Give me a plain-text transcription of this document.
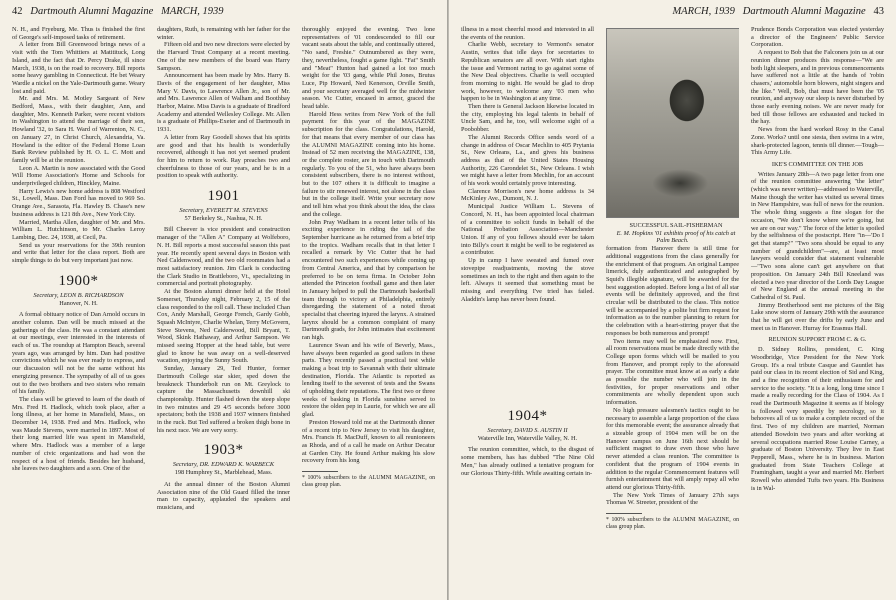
42 Dartmouth Alumni Magazine MARCH, 1939

N. H., and Fryeburg, Me. Thus is finished the first of George's self-imposed tasks of retirement.

A letter from Bill Greenwood brings news of a visit with the Tom Whittiers at Matitituck, Long Island, and the fact that Dr. Percy Drake, ill since March, 1938, is on the road to recovery. Bill reports some heavy gambling in Connecticut. He bet Weary Wardle a nickel on the Yale-Dartmouth game. Weary lost and paid.

Mr. and Mrs. M. Motley Sargeant of New Bedford, Mass., with their daughter, Ann, and daughter, Mrs. Kenneth Parker, were recent visitors in Washington to attend the marriage of their son, Howland '32, to Sara H. Ward of Warrenton, N. C., on January 27, in Christ Church, Alexandria, Va. Howland is the editor of the Federal Home Loan Bank Review published by H. O. L. C. Mott and family will be at the reunion.

Leon A. Martin is now associated with the Good Will Home Association's Home and Schools for underprivileged children, Hinckley, Maine.

Harry Lewis's new home address is 808 Westford St., Lowell, Mass. Dan Ford has moved to 969 So. Orange Ave., Sarasota, Fla. Hawley B. Chase's new business address is 121 8th Ave., New York City.

Married, Martha Allen, daughter of Mr. and Mrs. William L. Hutchinson, to Mr. Charles Leroy Lambing, Dec. 24, 1938, at Cecil, Pa.

Send us your reservations for the 39th reunion and write that letter for the class report. Both are simple things to do but very important just now.

1900*

Secretary, LEON B. RICHARDSON

Hanover, N. H.

A formal obituary notice of Dan Arnold occurs in another column. Dan will be much missed at the gatherings of the class. He was a constant attendant at our meetings, ever interested in the interests of each of us. The roundup at Hampton Beach, several years ago, was arranged by him. Dan had positive convictions which he was ever ready to express, and our discussion will not be the same without his energizing presence. The sympathy of all of us goes out to the two brothers and two sisters who remain of his family.

The class will be grieved to learn of the death of Mrs. Fred H. Hadlock, which took place, after a long illness, at her home in Mansfield, Mass., on December 14, 1938. Fred and Mrs. Hadlock, who was Maude Stevens, were married in 1897. Most of their long married life was spent in Mansfield, where Mrs. Hadlock was a member of a large number of civic organizations and had won the respect of a host of friends. Besides her husband, she leaves two daughters and a son. One of the

daughters, Ruth, is remaining with her father for the winter.

Fifteen old and two new directors were elected by the Harvard Trust Company at a recent meeting. One of the new members of the board was Harry Sampson.

Announcement has been made by Mrs. Harry B. Davis of the engagement of her daughter, Miss Mary V. Davis, to Lawrence Allen Jr., son of Mr. and Mrs. Lawrence Allen of Walham and Boothbay Harbor, Maine. Miss Davis is a graduate of Bradford Academy and attended Wellesley College. Mr. Allen is a graduate of Phillips-Exeter and of Dartmouth in 1931.

A letter from Ray Goodell shows that his spirits are good and that his health is wonderfully recovered, although it has not yet seemed prudent for him to return to work. Ray preaches two and cheerfulness to those of our years, and he is in a position to speak with authority.

1901

Secretary, EVERETT M. STEVENS

57 Berkeley St., Nashua, N. H.

Bill Cheever is vice president and construction manager of the "Allen A" Company at Wolfeboro, N. H. Bill reports a most successful season this past year. He recently spent several days in Boston with Ned Caldenwood, and the two old roommates had a most satisfactory reunion. Jim Clark is conducting the Clark Studio in Brattleboro, Vt., specializing in commercial and portrait photography.

At the Boston alumni dinner held at the Hotel Somerset, Thursday night, February 2, 15 of the class responded to the roll call. These included Chan Cox, Andy Marshall, George French, Gardy Gobb, Squash McIntyre, Charlie Whelan, Terry McGovern, Steve Stevens, Ned Calderwood, Bill Bryant, T. Wood, Skink Hathaway, and Arthur Sampson. We missed seeing Hopper at the head table, but were glad to know he was away on a well-deserved vacation, enjoying the Sunny South.

Sunday, January 29, Ted Hunter, former Dartmouth College star skier, sped down the breakneck Thunderbolt run on Mt. Greylock to capture the Massachusetts downhill ski championship. Hunter flashed down the steep slope in two minutes and 29 4/5 seconds before 3000 spectators; both the 1938 and 1937 winners finished in the ruck. But Ted suffered a broken thigh bone in his next race. We are very sorry.

1903*

Secretary, DR. EDWARD K. WARBECK

198 Humphrey St., Marblehead, Mass.

At the annual dinner of the Boston Alumni Association nine of the Old Guard filled the inner man to capacity, applauded the speakers and musicians, and

thoroughly enjoyed the evening. Two lone representatives of '01 condescended to fill our vacant seats about the table, and continually uttered, "No sand, Freshie." Outnumbered as they were, they, nevertheless, fought a game fight. "Fat" Smith and "Meat" Hunton had gained a lot too much weight for the '03 gang, while Phil Jones, Brutus Luce, Pip Howard, Ned Kenerson, Orville Smith, and your secretary averaged well for the midwinter season. Vic Cutter, encased in armor, graced the head table.

Harold Hess writes from New York of the full payment for this year of the MAGAZINE subscription for the class. Congratulations, Harold, for that means that every member of our class has the ALUMNI MAGAZINE coming into his home. Instead of 52 men receiving the MAGAZINE, 138, or the complete roster, are in touch with Dartmouth regularly. To you of the 51, who have always been consistent subscribers, there is no interest without, but to the 107 others it is difficult to imagine a failure to stir renewed interest, not alone in the class but in the college itself. Write your secretary now and tell him what you think about the idea, the class and the college.

John Pray Wadham in a recent letter tells of his exciting experience in riding the tail of the September hurricane as he returned from a brief trip to the tropics. Wadham recalls that in that letter I recalled a remark by Vic Cutter that he had encountered two such experiences while coming up from Central America, and that by comparison he preferred to be on terra firma. In October John attended the Princeton football game and then later in January helped to pull the Dartmouth basketball team through to victory at Philadelphia, entirely disregarding the statement of a noted throat specialist that cheering injured the larynx. A strained larynx should be a common complaint of many Dartmouth grads, for John intimates that excitement ran high.

Laurence Swan and his wife of Beverly, Mass., have always been regarded as good sailors in these parts. They recently passed a practical test while making a boat trip to Savannah with their ultimate destination, Florida. The Atlantic is reported as lending itself to the severest of tests and the Swans of upholding their reputations. The first two or three weeks of basking in Florida sunshine served to restore the olden pep in Laurie, for which we are all glad.

Preston Howard told me at the Dartmouth dinner of a recent trip to New Jersey to visit his daughter, Mrs. Francis H. MacDuff, known to all reunioneers as Rhoda, and of a call he made on Arthur Decatur at Garden City. He found Arthur making his slow recovery from his long

* 100% subscribers to the ALUMNI MAGAZINE, on class group plan.

MARCH, 1939 Dartmouth Alumni Magazine 43

illness in a most cheerful mood and interested in all the events of the reunion.

Charlie Webb, secretary to Vermont's senator Austin, writes that idle days for secretaries to Republican senators are all over. With start rights the issue and Vermont raring to go against some of the New Deal objectives. Charlie is well occupied from morning to night. He would be glad to drop work, however, to welcome any '03 men who happen to be in Washington at any time.

Then there is General Jackson likewise located in the city, employing his legal talents in behalf of Uncle Sam, and he, too, will welcome sight of a Poobobber.

The Alumni Records Office sends word of a change in address of Oscar Mechlin to 405 Prytania St., New Orleans, La., and gives his business address as that of the United States Housing Authority, 226 Carondelet St., New Orleans. I wish we might have a letter from Mechlin, for an account of his work would certainly prove interesting.

Clarence Morrison's new home address is 34 McKinley Ave., Dumont, N. J.

Municipal Justice William L. Stevens of Concord, N. H., has been appointed local chairman of a committee to solicit funds in behalf of the National Probation Association—Manchester Union. If any of you fellows should ever be taken into Billy's court it might be well to be registered as a contributor.

Up in camp I have sweated and fumed over stovepipe readjustments, moving the stove sometimes an inch to the right and then again to the left. Always it seemed that something must be missing and everything I've tried has failed. Aladdin's lamp has never been found.

SUCCESSFUL SAIL-FISHERMAN

E. M. Hopkins '01 exhibits proof of his catch at Palm Beach.

formation from Hanover there is still time for additional suggestions from the class generally for the enrichment of that program. An original Lampee limerick, duly authenticated and autographed by Squid's illegible signature, will be awarded for the best suggestion adopted. Before long a list of all star events will be definitely approved, and the first circular will be distributed to the class. This notice will be accompanied by a polite but firm request for information as to the number planning to return for the celebration with a heart-stirring prayer that the responses be both numerous and prompt!

Two items may well be emphasized now. First, all room reservations must be made directly with the College upon forms which will be mailed to you from Hanover, and prompt reply to the aforesaid prayer. The committee must know at as early a date as possible the number who will join in the festivities, for proper reservations and other commitments are wholly dependent upon such information.

No high pressure salesmen's tactics ought to be necessary to assemble a large proportion of the class for this memorable event; the assurance already that a sizeable group of 1904 men will be on the Hanover campus on June 16th next should be sufficient magnet to draw even those who have never attended a class reunion. The committee is confident that the program of 1904 events in addition to the regular Commencement features will furnish entertainment that will amply repay all who attend our glorious Thirty-fifth.

The New York Times of January 27th says Thomas W. Streeter, president of the

* 100% subscribers to the ALUMNI MAGAZINE, on class group plan.

Prudence Bonds Corporation was elected yesterday a director of the Engineers' Public Service Corporation.

A request to Bob that the Falconers join us at our reunion dinner produces this response—"We are both light sleepers, and in previous commencements have suffered not a little at the hands of 'robin chasers,' automobile horn blowers, night singers and the like." Well, Bob, that must have been the '05 reunion, and anyway our sleep is never disturbed by those early evening noises. We are never ready for bed till those fellows are exhausted and tucked in the hay.

News from the hard worked Rosy in the Canal Zone. Works? until one siesta, then swims in a wire, shark-protected lagoon, tennis till dinner.—Tough—This Army Life.

IKE'S COMMITTEE ON THE JOB

Writes January 28th—A two page letter from one of the reunion committee answering "the letter" (which was never written)—addressed to Waterville, Maine though the writer has visited us several times in New Hampshire, was full of news for the reunion. The whole thing suggests a fine slogan for the occasion, "We don't know where we're going, but we are on our way." The force of the letter is spoiled by the selfishness of the postscript. Here "in—'Do I get that stamp?" "Two sons should be equal to any number of grandchildren"—are, at least most lawyers would consider that statement vulnerable —"Two sons alone can't get anywhere on that proposition. On January 24th Bill Kneeland was elected a two year director of the Lords Day League of New England at the annual meeting in the Cathedral of St. Paul.

Jimmy Brotherhood sent me pictures of the Big Lake snow storm of January 29th with the assurance that he will get over the drifts by early June and meet us in Hanover. Hurray for Erasmus Hall.

REUNION SUPPORT FROM C. & G.

D. Sidney Rollins, president, C. King Woodbridge, Vice President for the New York Group. It's a real tribute Casque and Gauntlet has paid our class in its recent election of Sid and King, and a fine recognition of their enthusiasm for and service to the society. "It is a long, long time since I made a really recording for the Class of 1904. As I read the Dartmouth Magazine it seems as if biology is followed very speedily by necrology, so it behooves all of us to make a complete record of the first. Two of my children are married, Norman attended Bowdoin two years and after working at several occupations married Rose Louise Carney, a graduate of Boston University. They live in East Pepperell, Mass., where he is in business. Marion graduated from State Teachers College at Framingham, taught a year and married Mr. Herbert Rowell who attended Tufts two years. His Business is in Wal-

1904*

Secretary, DAVID S. AUSTIN II

Waterville Inn, Waterville Valley, N. H.

The reunion committee, which, to the disgust of some members, has has dubbed "The Nine Old Men," has already outlined a tentative program for our Glorious Thirty-fifth. While awaiting certain in-
